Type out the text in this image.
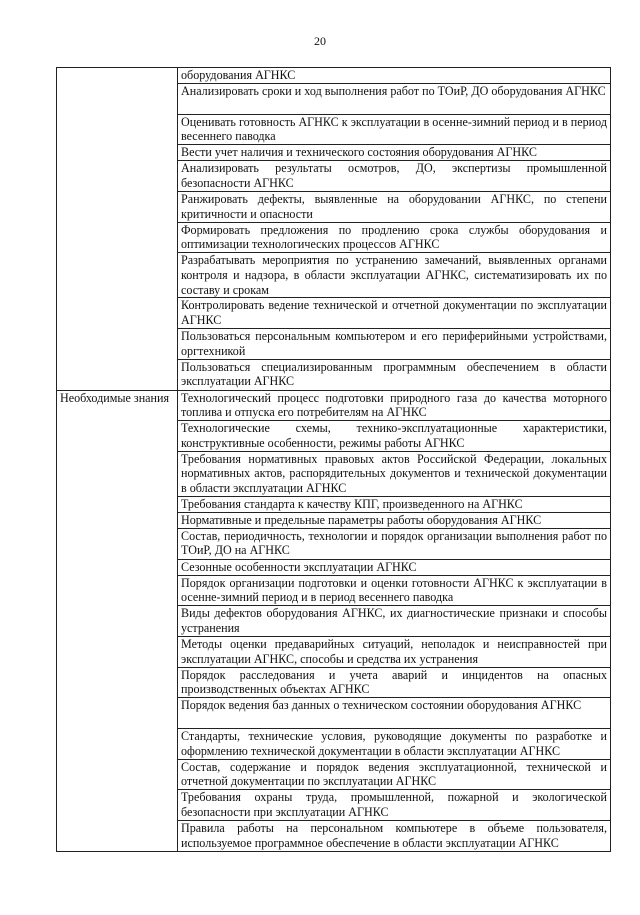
20

	оборудования АГНКС

	Анализировать сроки и ход выполнения работ по ТОиР, ДО оборудования АГНКС

	Оценивать готовность АГНКС к эксплуатации в осенне-зимний период и в период весеннего паводка

	Вести учет наличия и технического состояния оборудования АГНКС

	Анализировать результаты осмотров, ДО, экспертизы промышленной безопасности АГНКС

	Ранжировать дефекты, выявленные на оборудовании АГНКС, по степени критичности и опасности

	Формировать предложения по продлению срока службы оборудования и оптимизации технологических процессов АГНКС

	Разрабатывать мероприятия по устранению замечаний, выявленных органами контроля и надзора, в области эксплуатации АГНКС, систематизировать их по составу и срокам

	Контролировать ведение технической и отчетной документации по эксплуатации АГНКС

	Пользоваться персональным компьютером и его периферийными устройствами, оргтехникой

	Пользоваться специализированным программным обеспечением в области эксплуатации АГНКС

Необходимые знания	Технологический процесс подготовки природного газа до качества моторного топлива и отпуска его потребителям на АГНКС

	Технологические схемы, технико-эксплуатационные характеристики, конструктивные особенности, режимы работы АГНКС

	Требования нормативных правовых актов Российской Федерации, локальных нормативных актов, распорядительных документов и технической документации в области эксплуатации АГНКС

	Требования стандарта к качеству КПГ, произведенного на АГНКС

	Нормативные и предельные параметры работы оборудования АГНКС

	Состав, периодичность, технологии и порядок организации выполнения работ по ТОиР, ДО на АГНКС

	Сезонные особенности эксплуатации АГНКС

	Порядок организации подготовки и оценки готовности АГНКС к эксплуатации в осенне-зимний период и в период весеннего паводка

	Виды дефектов оборудования АГНКС, их диагностические признаки и способы устранения

	Методы оценки предаварийных ситуаций, неполадок и неисправностей при эксплуатации АГНКС, способы и средства их устранения

	Порядок расследования и учета аварий и инцидентов на опасных производственных объектах АГНКС

	Порядок ведения баз данных о техническом состоянии оборудования АГНКС

	Стандарты, технические условия, руководящие документы по разработке и оформлению технической документации в области эксплуатации АГНКС

	Состав, содержание и порядок ведения эксплуатационной, технической и отчетной документации по эксплуатации АГНКС

	Требования охраны труда, промышленной, пожарной и экологической безопасности при эксплуатации АГНКС

	Правила работы на персональном компьютере в объеме пользователя, используемое программное обеспечение в области эксплуатации АГНКС
